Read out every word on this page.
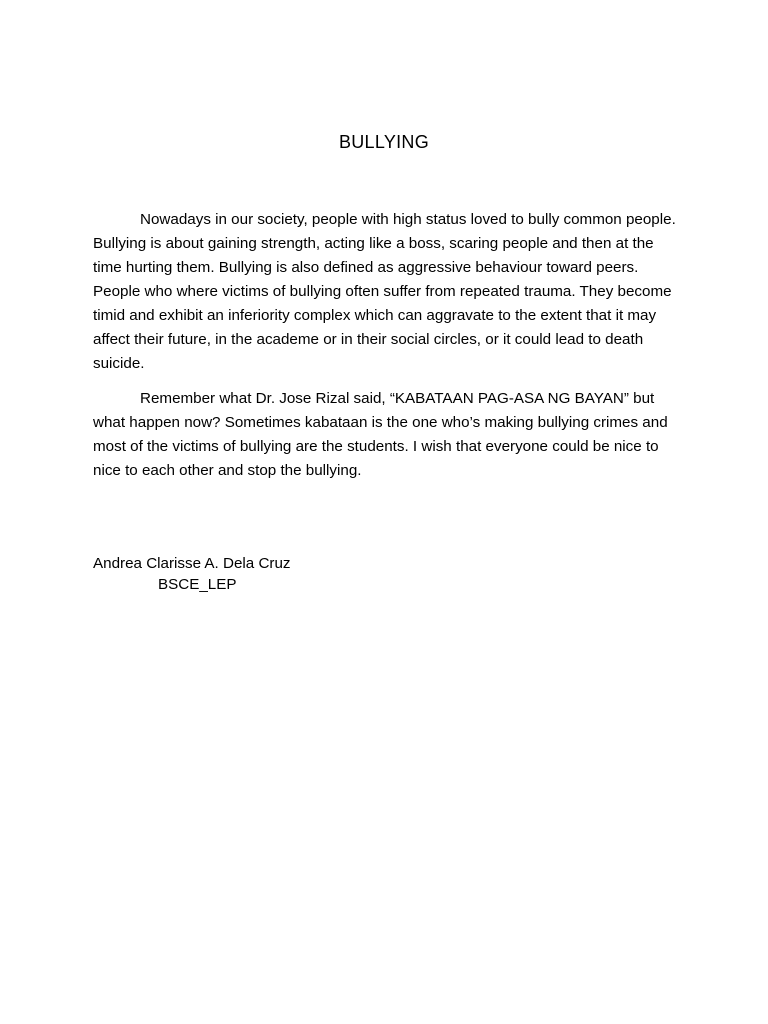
BULLYING

Nowadays in our society, people with high status loved to bully common people. Bullying is about gaining strength, acting like a boss, scaring people and then at the time hurting them. Bullying is also defined as aggressive behaviour toward peers. People who where victims of bullying often suffer from repeated trauma. They become timid and exhibit an inferiority complex which can aggravate to the extent that it may affect their future, in the academe or in their social circles, or it could lead to death suicide.

Remember what Dr. Jose Rizal said, “KABATAAN PAG-ASA NG BAYAN” but what happen now? Sometimes kabataan is the one who’s making bullying crimes and most of the victims of bullying are the students. I wish that everyone could be nice to nice to each other and stop the bullying.

Andrea Clarisse A. Dela Cruz
BSCE_LEP
